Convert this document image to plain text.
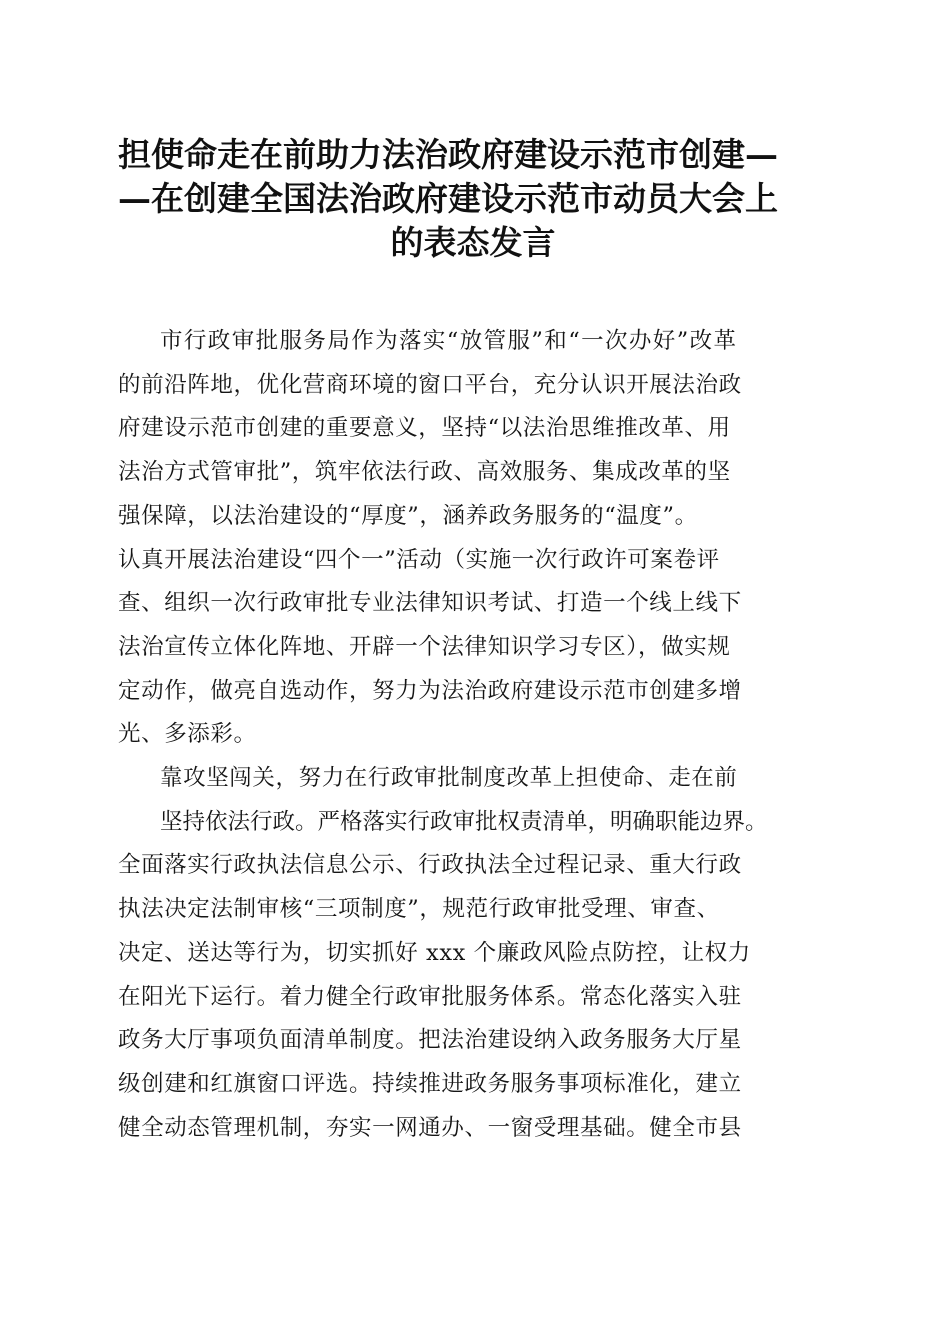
担使命走在前助力法治政府建设示范市创建—
—在创建全国法治政府建设示范市动员大会上
的表态发言
市行政审批服务局作为落实“放管服”和“一次办好”改革
的前沿阵地，优化营商环境的窗口平台，充分认识开展法治政
府建设示范市创建的重要意义，坚持“以法治思维推改革、用
法治方式管审批”，筑牢依法行政、高效服务、集成改革的坚
强保障，以法治建设的“厚度”，涵养政务服务的“温度”。
认真开展法治建设“四个一”活动（实施一次行政许可案卷评
查、组织一次行政审批专业法律知识考试、打造一个线上线下
法治宣传立体化阵地、开辟一个法律知识学习专区），做实规
定动作，做亮自选动作，努力为法治政府建设示范市创建多增
光、多添彩。
靠攻坚闯关，努力在行政审批制度改革上担使命、走在前
坚持依法行政。严格落实行政审批权责清单，明确职能边界。
全面落实行政执法信息公示、行政执法全过程记录、重大行政
执法决定法制审核“三项制度”，规范行政审批受理、审查、
决定、送达等行为，切实抓好 xxx 个廉政风险点防控，让权力
在阳光下运行。着力健全行政审批服务体系。常态化落实入驻
政务大厅事项负面清单制度。把法治建设纳入政务服务大厅星
级创建和红旗窗口评选。持续推进政务服务事项标准化，建立
健全动态管理机制，夯实一网通办、一窗受理基础。健全市县
